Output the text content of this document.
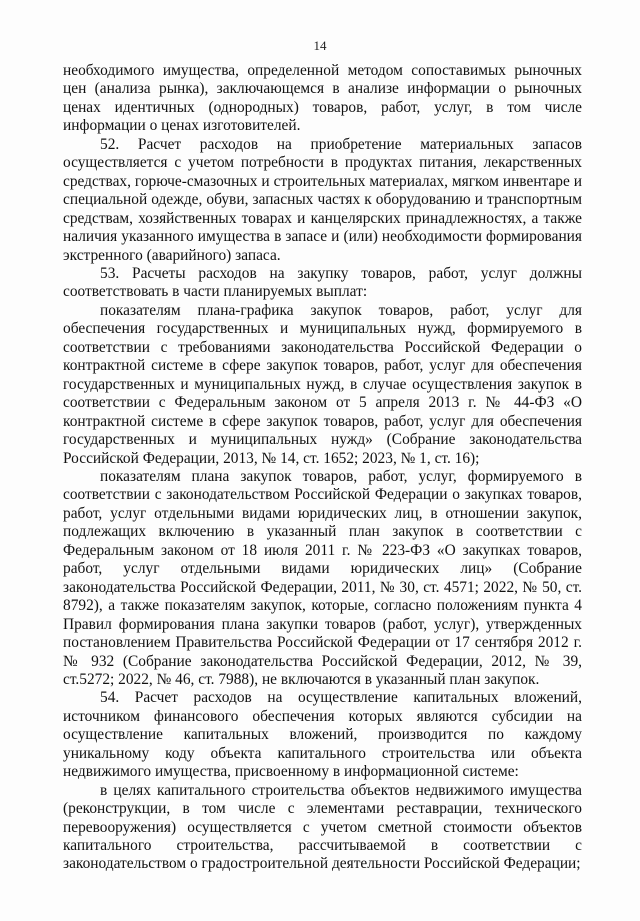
14

необходимого имущества, определенной методом сопоставимых рыночных цен (анализа рынка), заключающемся в анализе информации о рыночных ценах идентичных (однородных) товаров, работ, услуг, в том числе информации о ценах изготовителей.

52. Расчет расходов на приобретение материальных запасов осуществляется с учетом потребности в продуктах питания, лекарственных средствах, горюче-смазочных и строительных материалах, мягком инвентаре и специальной одежде, обуви, запасных частях к оборудованию и транспортным средствам, хозяйственных товарах и канцелярских принадлежностях, а также наличия указанного имущества в запасе и (или) необходимости формирования экстренного (аварийного) запаса.

53. Расчеты расходов на закупку товаров, работ, услуг должны соответствовать в части планируемых выплат:

показателям плана-графика закупок товаров, работ, услуг для обеспечения государственных и муниципальных нужд, формируемого в соответствии с требованиями законодательства Российской Федерации о контрактной системе в сфере закупок товаров, работ, услуг для обеспечения государственных и муниципальных нужд, в случае осуществления закупок в соответствии с Федеральным законом от 5 апреля 2013 г. № 44-ФЗ «О контрактной системе в сфере закупок товаров, работ, услуг для обеспечения государственных и муниципальных нужд» (Собрание законодательства Российской Федерации, 2013, № 14, ст. 1652; 2023, № 1, ст. 16);

показателям плана закупок товаров, работ, услуг, формируемого в соответствии с законодательством Российской Федерации о закупках товаров, работ, услуг отдельными видами юридических лиц, в отношении закупок, подлежащих включению в указанный план закупок в соответствии с Федеральным законом от 18 июля 2011 г. № 223-ФЗ «О закупках товаров, работ, услуг отдельными видами юридических лиц» (Собрание законодательства Российской Федерации, 2011, № 30, ст. 4571; 2022, № 50, ст. 8792), а также показателям закупок, которые, согласно положениям пункта 4 Правил формирования плана закупки товаров (работ, услуг), утвержденных постановлением Правительства Российской Федерации от 17 сентября 2012 г. № 932 (Собрание законодательства Российской Федерации, 2012, № 39, ст.5272; 2022, № 46, ст. 7988), не включаются в указанный план закупок.

54. Расчет расходов на осуществление капитальных вложений, источником финансового обеспечения которых являются субсидии на осуществление капитальных вложений, производится по каждому уникальному коду объекта капитального строительства или объекта недвижимого имущества, присвоенному в информационной системе:

в целях капитального строительства объектов недвижимого имущества (реконструкции, в том числе с элементами реставрации, технического перевооружения) осуществляется с учетом сметной стоимости объектов капитального строительства, рассчитываемой в соответствии с законодательством о градостроительной деятельности Российской Федерации;
